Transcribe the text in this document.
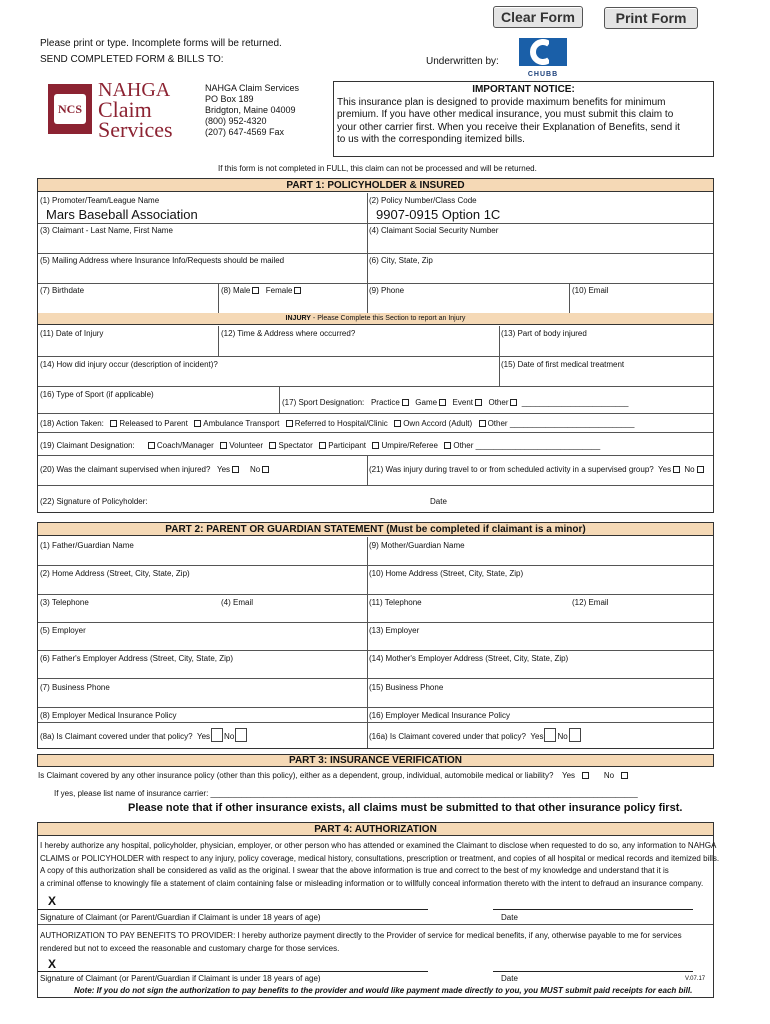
Clear Form	Print Form
Please print or type. Incomplete forms will be returned.
SEND COMPLETED FORM & BILLS TO:	Underwritten by:
CHUBB
NCS
NAHGA
Claim
Services
NAHGA Claim Services
PO Box 189
Bridgton, Maine 04009
(800) 952-4320
(207) 647-4569 Fax
IMPORTANT NOTICE:
This insurance plan is designed to provide maximum benefits for minimum
premium. If you have other medical insurance, you must submit this claim to
your other carrier first. When you receive their Explanation of Benefits, send it
to us with the corresponding itemized bills.
If this form is not completed in FULL, this claim can not be processed and will be returned.
PART 1: POLICYHOLDER & INSURED
(1) Promoter/Team/League Name
Mars Baseball Association
(2) Policy Number/Class Code
9907-0915 Option 1C
(3) Claimant - Last Name, First Name	(4) Claimant Social Security Number
(5) Mailing Address where Insurance Info/Requests should be mailed	(6) City, State, Zip
(7) Birthdate	(8) Male Female	(9) Phone	(10) Email
INJURY - Please Complete this Section to report an Injury
(11) Date of Injury	(12) Time & Address where occurred?	(13) Part of body injured
(14) How did injury occur (description of incident)?	(15) Date of first medical treatment
(16) Type of Sport (if applicable)
(17) Sport Designation: Practice Game Event Other ________________________
(18) Action Taken: Released to Parent Ambulance Transport Referred to Hospital/Clinic Own Accord (Adult) Other ____________________________
(19) Claimant Designation:	Coach/Manager Volunteer Spectator Participant Umpire/Referee Other ____________________________
(20) Was the claimant supervised when injured? Yes No	(21) Was injury during travel to or from scheduled activity in a supervised group? Yes No
(22) Signature of Policyholder:	Date
PART 2: PARENT OR GUARDIAN STATEMENT (Must be completed if claimant is a minor)
(1) Father/Guardian Name	(9) Mother/Guardian Name
(2) Home Address (Street, City, State, Zip)	(10) Home Address (Street, City, State, Zip)
(3) Telephone	(4) Email	(11) Telephone	(12) Email
(5) Employer	(13) Employer
(6) Father's Employer Address (Street, City, State, Zip)	(14) Mother's Employer Address (Street, City, State, Zip)
(7) Business Phone	(15) Business Phone
(8) Employer Medical Insurance Policy	(16) Employer Medical Insurance Policy
(8a) Is Claimant covered under that policy? Yes No	(16a) Is Claimant covered under that policy? Yes No
PART 3: INSURANCE VERIFICATION
Is Claimant covered by any other insurance policy (other than this policy), either as a dependent, group, individual, automobile medical or liability? Yes	No
If yes, please list name of insurance carrier: ________________________________________________________________________________________________
Please note that if other insurance exists, all claims must be submitted to that other insurance policy first.
PART 4: AUTHORIZATION
I hereby authorize any hospital, policyholder, physician, employer, or other person who has attended or examined the Claimant to disclose when requested to do so, any information to NAHGA
CLAIMS or POLICYHOLDER with respect to any injury, policy coverage, medical history, consultations, prescription or treatment, and copies of all hospital or medical records and itemized bills.
A copy of this authorization shall be considered as valid as the original. I swear that the above information is true and correct to the best of my knowledge and understand that it is
a criminal offense to knowingly file a statement of claim containing false or misleading information or to willfully conceal information thereto with the intent to defraud an insurance company.
X
Signature of Claimant (or Parent/Guardian if Claimant is under 18 years of age)	Date
AUTHORIZATION TO PAY BENEFITS TO PROVIDER: I hereby authorize payment directly to the Provider of service for medical benefits, if any, otherwise payable to me for services
rendered but not to exceed the reasonable and customary charge for those services.
X
Signature of Claimant (or Parent/Guardian if Claimant is under 18 years of age)	Date	V.07.17
Note: If you do not sign the authorization to pay benefits to the provider and would like payment made directly to you, you MUST submit paid receipts for each bill.
